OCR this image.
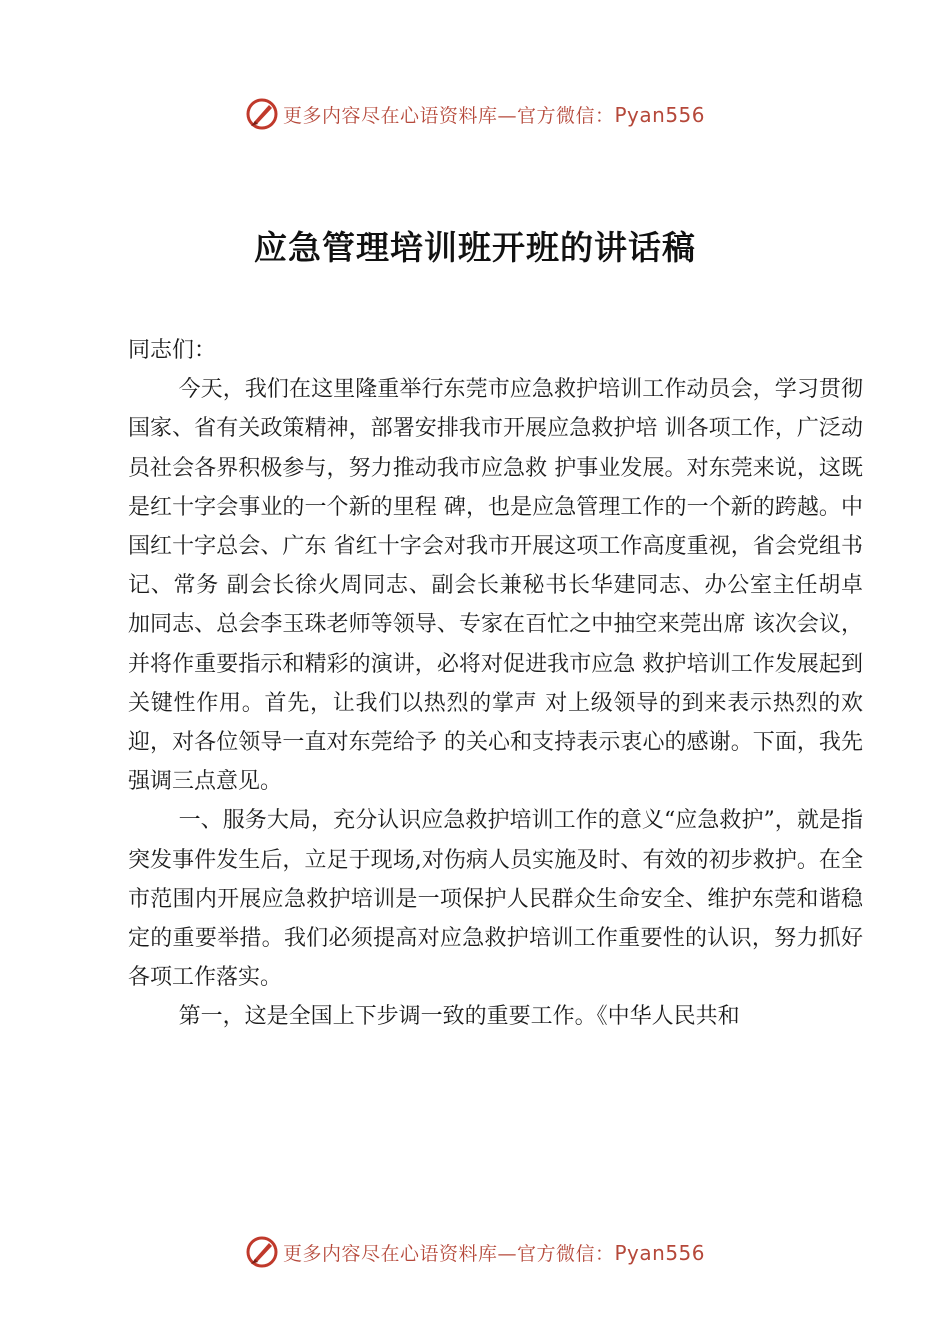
更多内容尽在心语资料库—官方微信：Pyan556
应急管理培训班开班的讲话稿

同志们：

今天，我们在这里隆重举行东莞市应急救护培训工作动员会，学习贯彻国家、省有关政策精神，部署安排我市开展应急救护培 训各项工作，广泛动员社会各界积极参与，努力推动我市应急救 护事业发展。对东莞来说，这既是红十字会事业的一个新的里程 碑，也是应急管理工作的一个新的跨越。中国红十字总会、广东 省红十字会对我市开展这项工作高度重视，省会党组书记、常务 副会长徐火周同志、副会长兼秘书长华建同志、办公室主任胡卓 加同志、总会李玉珠老师等领导、专家在百忙之中抽空来莞出席 该次会议，并将作重要指示和精彩的演讲，必将对促进我市应急 救护培训工作发展起到关键性作用。首先，让我们以热烈的掌声 对上级领导的到来表示热烈的欢迎，对各位领导一直对东莞给予 的关心和支持表示衷心的感谢。下面，我先强调三点意见。

一、服务大局，充分认识应急救护培训工作的意义“应急救护”，就是指突发事件发生后，立足于现场,对伤病人员实施及时、有效的初步救护。在全市范围内开展应急救护培训是一项保护人民群众生命安全、维护东莞和谐稳定的重要举措。我们必须提高对应急救护培训工作重要性的认识，努力抓好各项工作落实。

第一，这是全国上下步调一致的重要工作。《中华人民共和

更多内容尽在心语资料库—官方微信：Pyan556
